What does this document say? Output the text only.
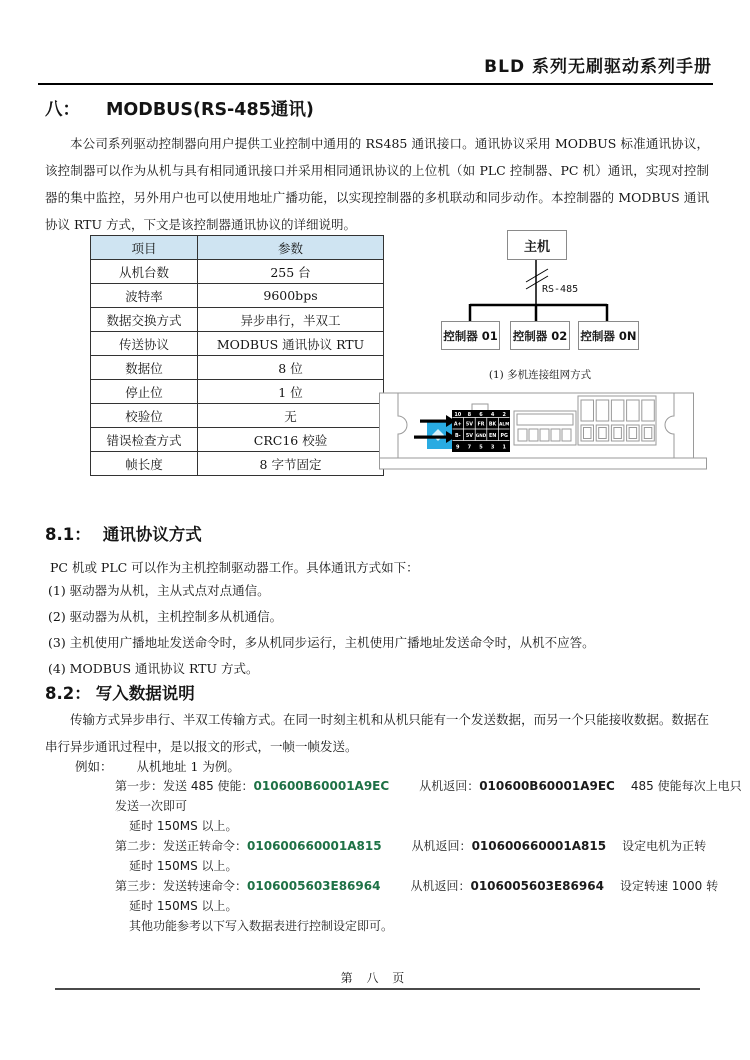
BLD 系列无刷驱动系列手册
八： MODBUS(RS-485通讯)
本公司系列驱动控制器向用户提供工业控制中通用的 RS485 通讯接口。通讯协议采用 MODBUS 标准通讯协议，该控制器可以作为从机与具有相同通讯接口并采用相同通讯协议的上位机（如 PLC 控制器、PC 机）通讯，实现对控制器的集中监控，另外用户也可以使用地址广播功能，以实现控制器的多机联动和同步动作。本控制器的 MODBUS 通讯协议 RTU 方式，下文是该控制器通讯协议的详细说明。
项目	参数
从机台数	255 台
波特率	9600bps
数据交换方式	异步串行，半双工
传送协议	MODBUS 通讯协议 RTU
数据位	8 位
停止位	1 位
校验位	无
错误检查方式	CRC16 校验
帧长度	8 字节固定
主机
RS-485
控制器 01 控制器 02 控制器 0N
(1) 多机连接组网方式
10 8 6 4 2
A+ 5V FR BK ALM
B- 5V GND EN PG
9 7 5 3 1
8.1： 通讯协议方式
PC 机或 PLC 可以作为主机控制驱动器工作。具体通讯方式如下：
(1) 驱动器为从机，主从式点对点通信。
(2) 驱动器为从机，主机控制多从机通信。
(3) 主机使用广播地址发送命令时，多从机同步运行，主机使用广播地址发送命令时，从机不应答。
(4) MODBUS 通讯协议 RTU 方式。
8.2： 写入数据说明
传输方式异步串行、半双工传输方式。在同一时刻主机和从机只能有一个发送数据，而另一个只能接收数据。数据在串行异步通讯过程中，是以报文的形式，一帧一帧发送。
例如： 从机地址 1 为例。
第一步：发送 485 使能：010600B60001A9EC	从机返回：010600B60001A9EC 485 使能每次上电只发送一次即可
延时 150MS 以上。
第二步：发送正转命令：010600660001A815	从机返回：010600660001A815 设定电机为正转
延时 150MS 以上。
第三步：发送转速命令：0106005603E86964	从机返回：0106005603E86964 设定转速 1000 转
延时 150MS 以上。
其他功能参考以下写入数据表进行控制设定即可。
第 八 页
